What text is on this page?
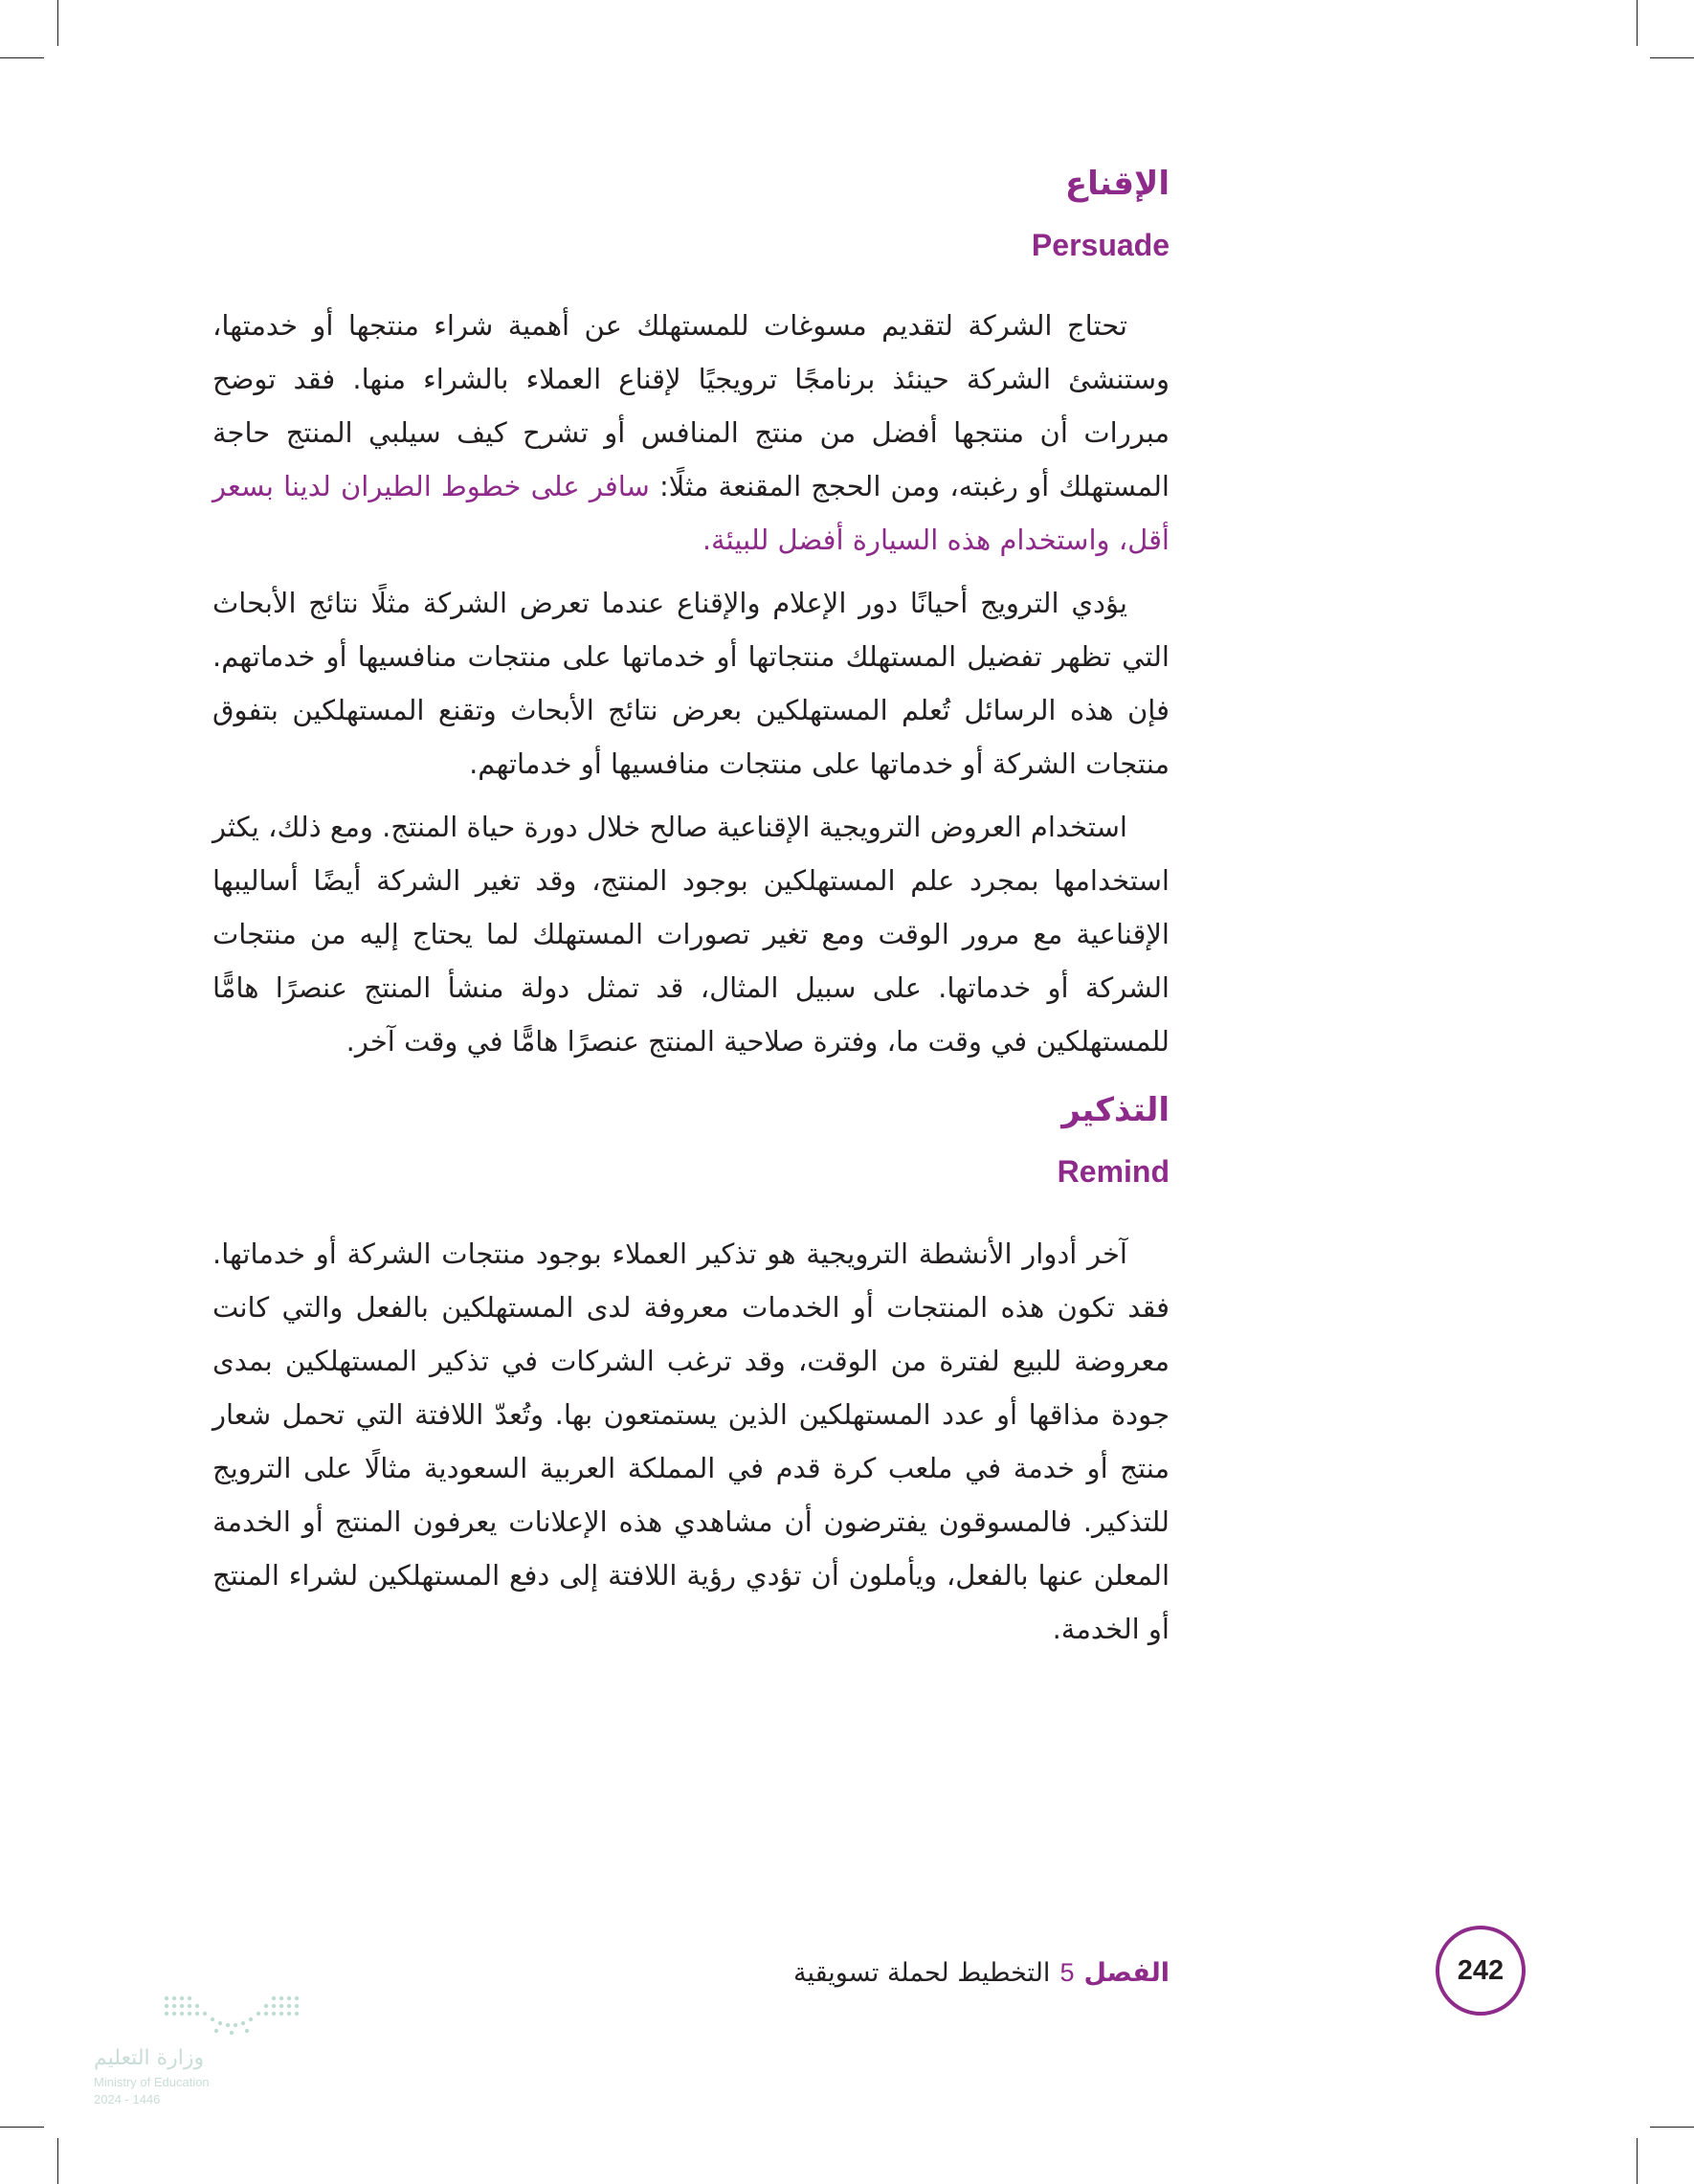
الإقناع
Persuade

تحتاج الشركة لتقديم مسوغات للمستهلك عن أهمية شراء منتجها أو خدمتها، وستنشئ الشركة حينئذ برنامجًا ترويجيًا لإقناع العملاء بالشراء منها. فقد توضح مبررات أن منتجها أفضل من منتج المنافس أو تشرح كيف سيلبي المنتج حاجة المستهلك أو رغبته، ومن الحجج المقنعة مثلًا: سافر على خطوط الطيران لدينا بسعر أقل، واستخدام هذه السيارة أفضل للبيئة.

يؤدي الترويج أحيانًا دور الإعلام والإقناع عندما تعرض الشركة مثلًا نتائج الأبحاث التي تظهر تفضيل المستهلك منتجاتها أو خدماتها على منتجات منافسيها أو خدماتهم. فإن هذه الرسائل تُعلم المستهلكين بعرض نتائج الأبحاث وتقنع المستهلكين بتفوق منتجات الشركة أو خدماتها على منتجات منافسيها أو خدماتهم.

استخدام العروض الترويجية الإقناعية صالح خلال دورة حياة المنتج. ومع ذلك، يكثر استخدامها بمجرد علم المستهلكين بوجود المنتج، وقد تغير الشركة أيضًا أساليبها الإقناعية مع مرور الوقت ومع تغير تصورات المستهلك لما يحتاج إليه من منتجات الشركة أو خدماتها. على سبيل المثال، قد تمثل دولة منشأ المنتج عنصرًا هامًّا للمستهلكين في وقت ما، وفترة صلاحية المنتج عنصرًا هامًّا في وقت آخر.

التذكير
Remind

آخر أدوار الأنشطة الترويجية هو تذكير العملاء بوجود منتجات الشركة أو خدماتها. فقد تكون هذه المنتجات أو الخدمات معروفة لدى المستهلكين بالفعل والتي كانت معروضة للبيع لفترة من الوقت، وقد ترغب الشركات في تذكير المستهلكين بمدى جودة مذاقها أو عدد المستهلكين الذين يستمتعون بها. وتُعدّ اللافتة التي تحمل شعار منتج أو خدمة في ملعب كرة قدم في المملكة العربية السعودية مثالًا على الترويج للتذكير. فالمسوقون يفترضون أن مشاهدي هذه الإعلانات يعرفون المنتج أو الخدمة المعلن عنها بالفعل، ويأملون أن تؤدي رؤية اللافتة إلى دفع المستهلكين لشراء المنتج أو الخدمة.

الفصل5التخطيط لحملة تسويقية	242
وزارة التعليم
Ministry of Education
2024 - 1446
